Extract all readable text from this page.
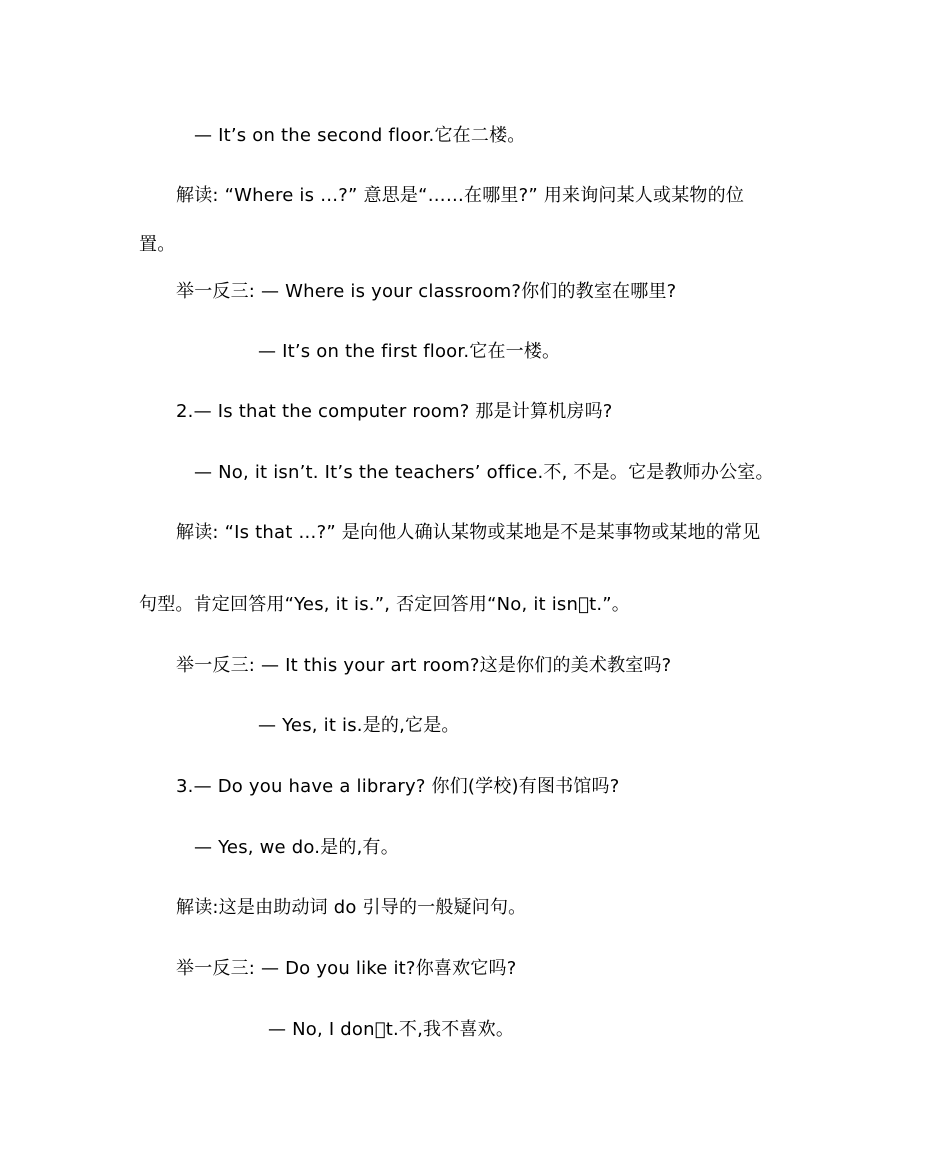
— It’s on the second floor.它在二楼。
解读: “Where is …?” 意思是“……在哪里?” 用来询问某人或某物的位
置。
举一反三: — Where is your classroom?你们的教室在哪里?
— It’s on the first floor.它在一楼。
2.— Is that the computer room? 那是计算机房吗?
— No, it isn’t. It’s the teachers’ office.不, 不是。它是教师办公室。
解读: “Is that …?” 是向他人确认某物或某地是不是某事物或某地的常见
句型。肯定回答用“Yes, it is.”, 否定回答用“No, it isn t.”。
举一反三: — It this your art room?这是你们的美术教室吗?
— Yes, it is.是的,它是。
3.— Do you have a library? 你们(学校)有图书馆吗?
— Yes, we do.是的,有。
解读:这是由助动词 do 引导的一般疑问句。
举一反三: — Do you like it?你喜欢它吗?
— No, I don t.不,我不喜欢。
